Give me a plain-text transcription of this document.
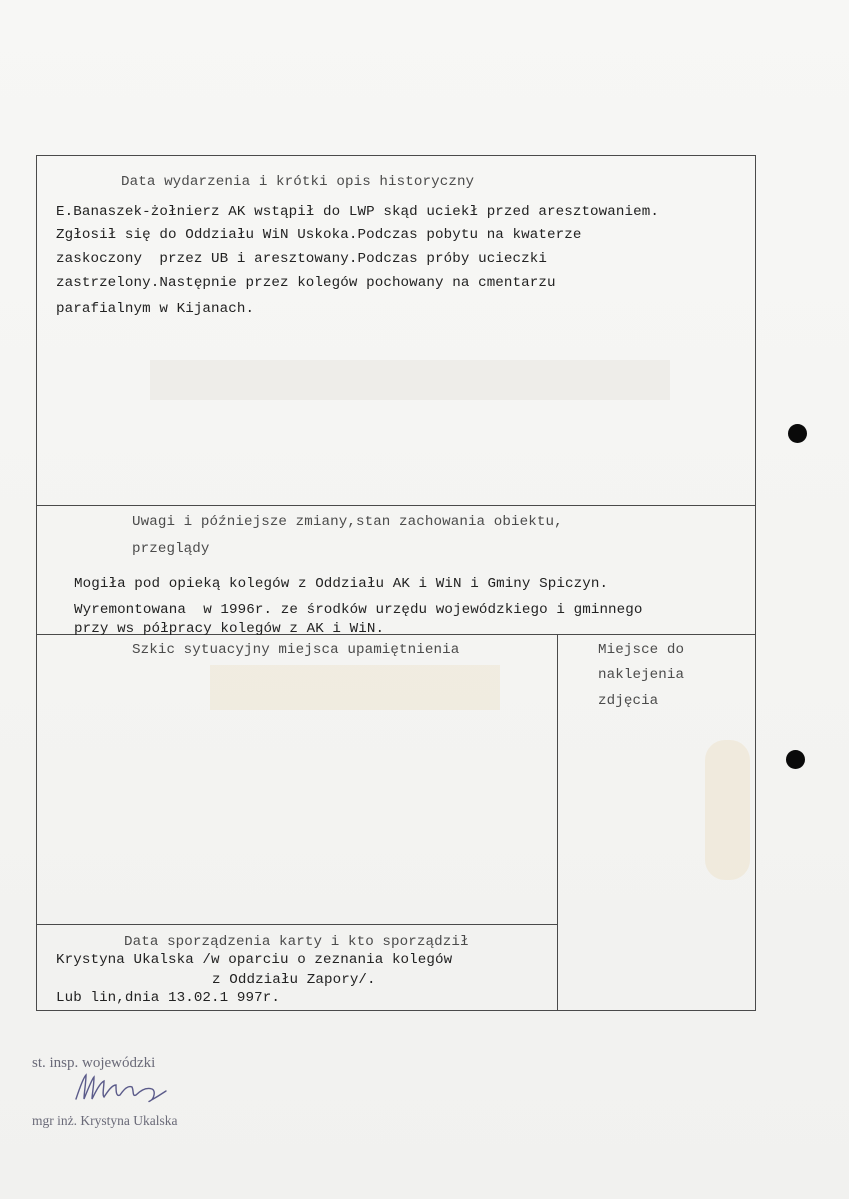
Data wydarzenia i krótki opis historyczny
E.Banaszek-żołnierz AK wstąpił do LWP skąd uciekł przed aresztowaniem.
Zgłosił się do Oddziału WiN Uskoka.Podczas pobytu na kwaterze
zaskoczony  przez UB i aresztowany.Podczas próby ucieczki
zastrzelony.Następnie przez kolegów pochowany na cmentarzu
parafialnym w Kijanach.
Uwagi i późniejsze zmiany,stan zachowania obiektu,
przeglądy
Mogiła pod opieką kolegów z Oddziału AK i WiN i Gminy Spiczyn.
Wyremontowana  w 1996r. ze środków urzędu wojewódzkiego i gminnego
przy ws półpracy kolegów z AK i WiN.
Szkic sytuacyjny miejsca upamiętnienia	Miejsce do
naklejenia
zdjęcia
Data sporządzenia karty i kto sporządził
Krystyna Ukalska /w oparciu o zeznania kolegów
z Oddziału Zapory/.
Lub lin,dnia 13.02.1 997r.
st. insp. wojewódzki
mgr inż. Krystyna Ukalska
